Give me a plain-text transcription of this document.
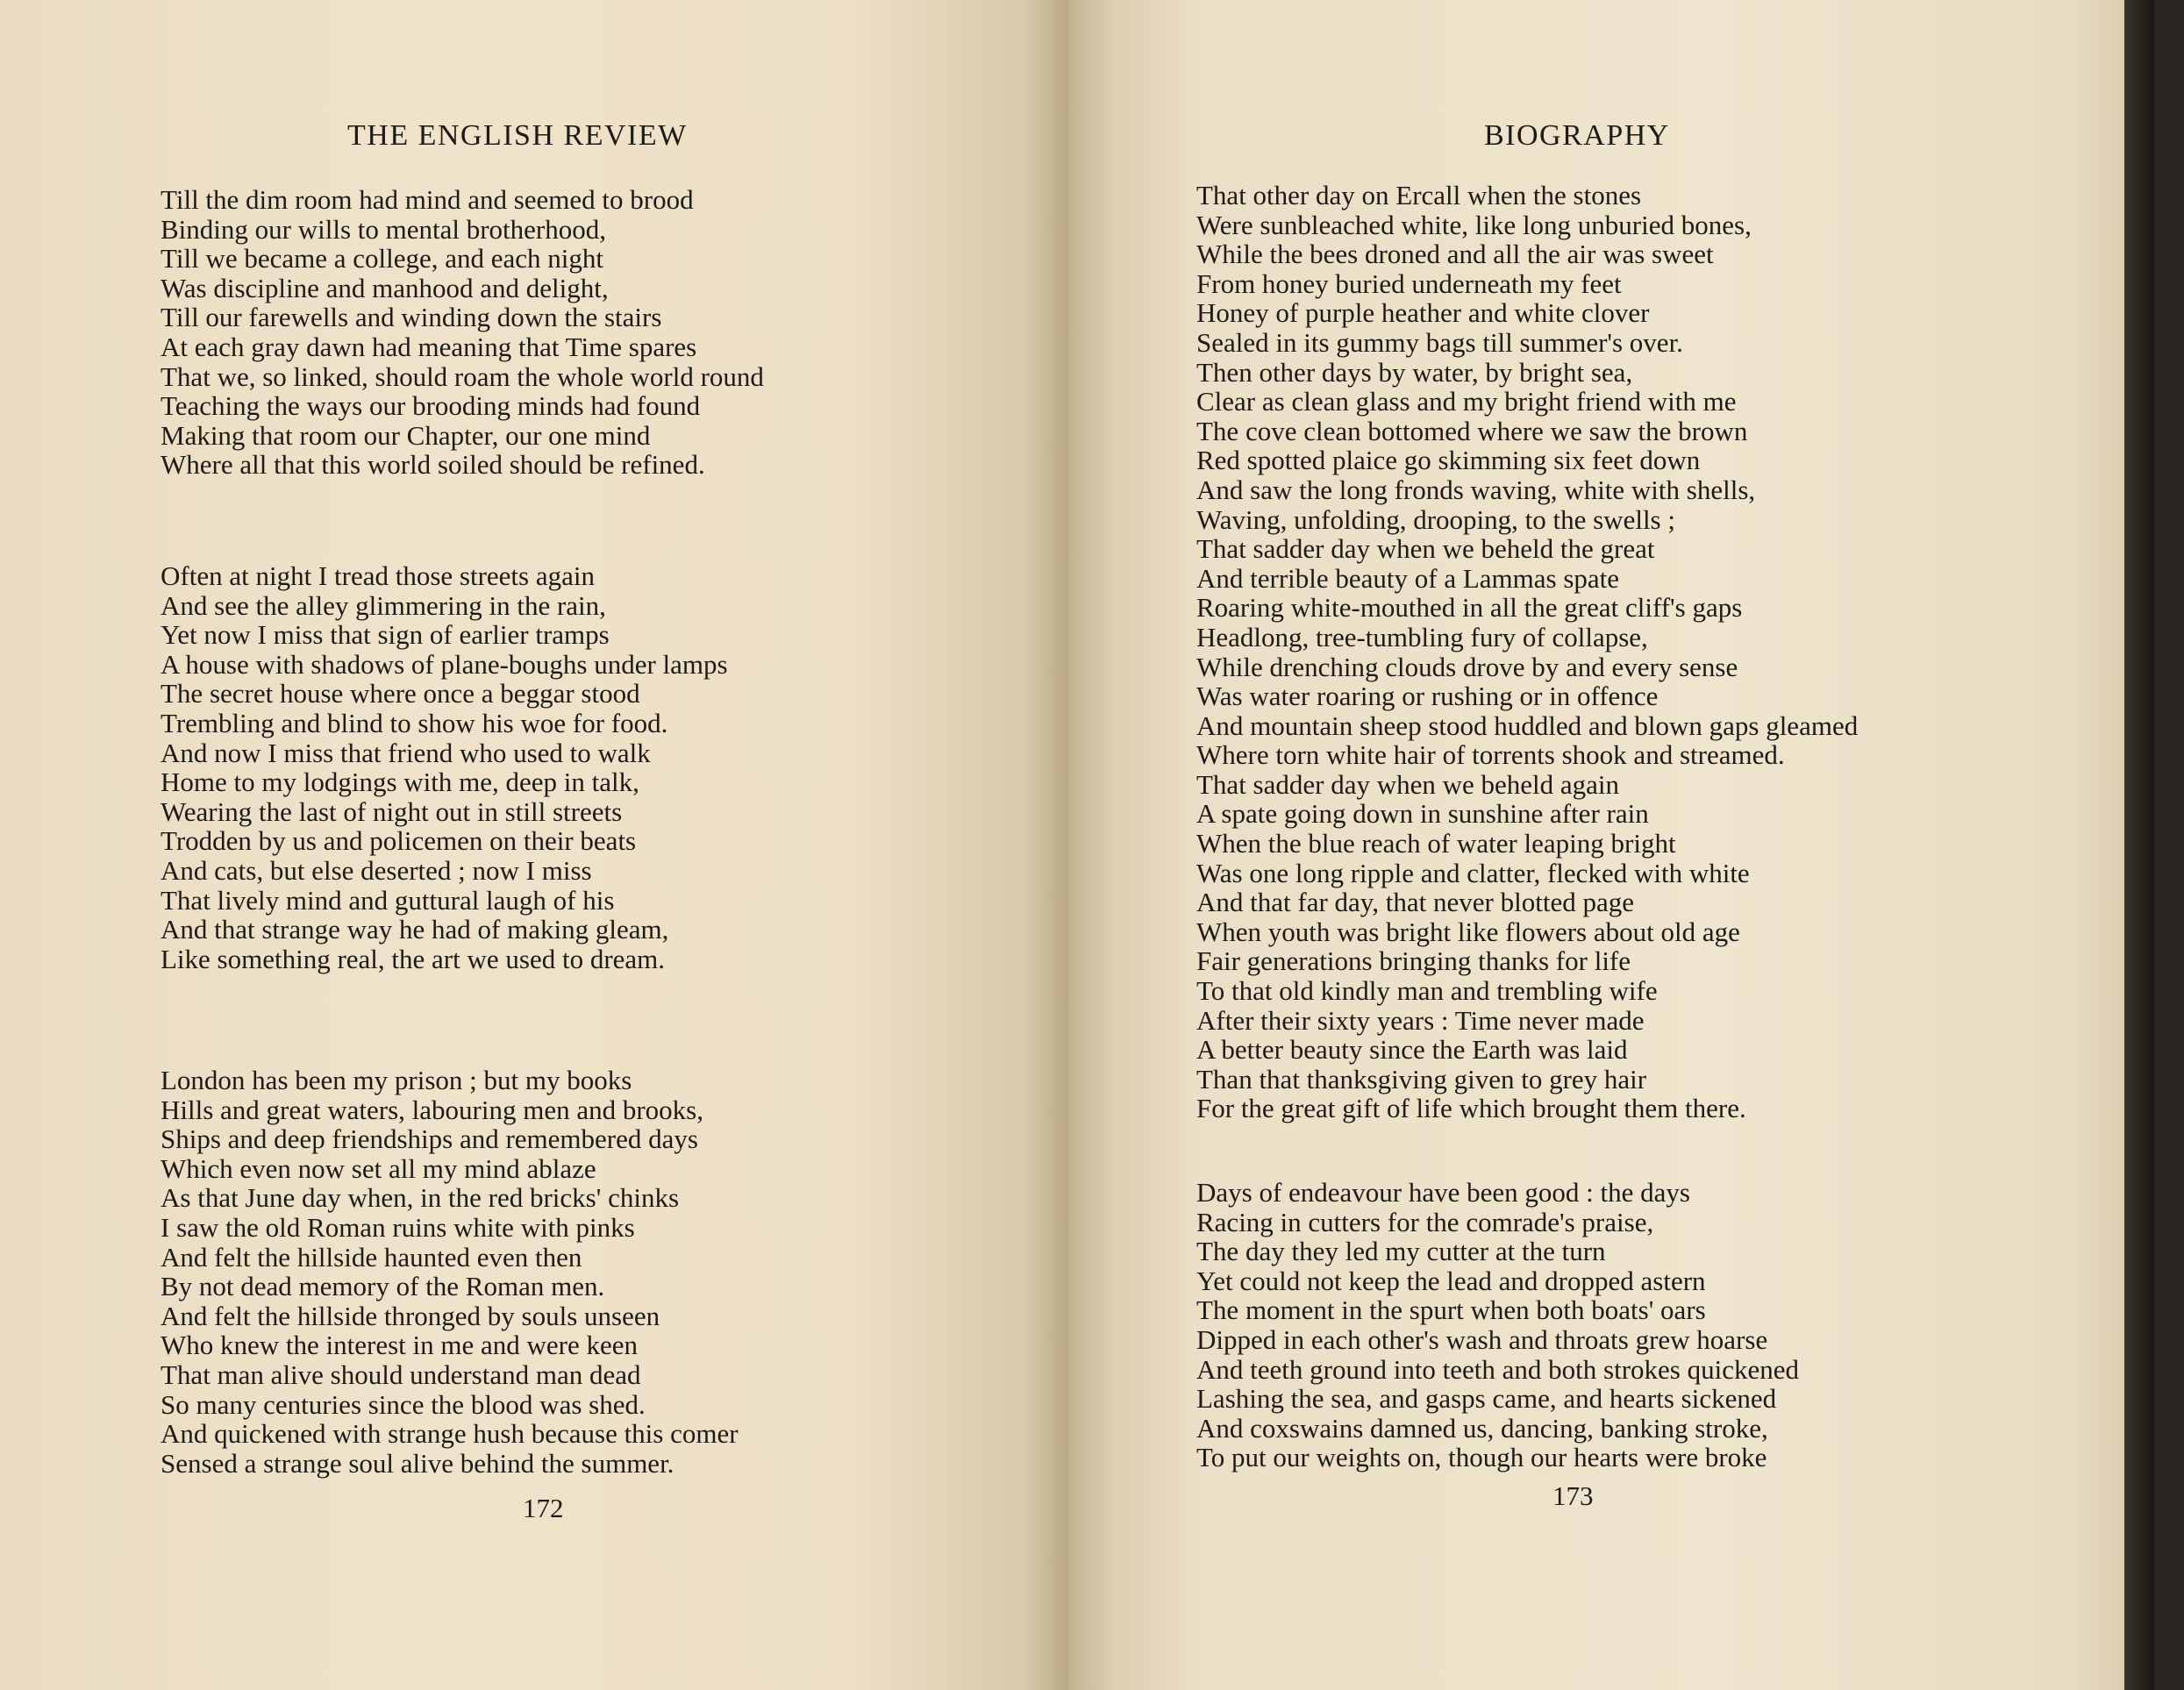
THE ENGLISH REVIEW
Till the dim room had mind and seemed to brood
Binding our wills to mental brotherhood,
Till we became a college, and each night
Was discipline and manhood and delight,
Till our farewells and winding down the stairs
At each gray dawn had meaning that Time spares
That we, so linked, should roam the whole world round
Teaching the ways our brooding minds had found
Making that room our Chapter, our one mind
Where all that this world soiled should be refined.
Often at night I tread those streets again
And see the alley glimmering in the rain,
Yet now I miss that sign of earlier tramps
A house with shadows of plane-boughs under lamps
The secret house where once a beggar stood
Trembling and blind to show his woe for food.
And now I miss that friend who used to walk
Home to my lodgings with me, deep in talk,
Wearing the last of night out in still streets
Trodden by us and policemen on their beats
And cats, but else deserted ; now I miss
That lively mind and guttural laugh of his
And that strange way he had of making gleam,
Like something real, the art we used to dream.
London has been my prison ; but my books
Hills and great waters, labouring men and brooks,
Ships and deep friendships and remembered days
Which even now set all my mind ablaze
As that June day when, in the red bricks' chinks
I saw the old Roman ruins white with pinks
And felt the hillside haunted even then
By not dead memory of the Roman men.
And felt the hillside thronged by souls unseen
Who knew the interest in me and were keen
That man alive should understand man dead
So many centuries since the blood was shed.
And quickened with strange hush because this comer
Sensed a strange soul alive behind the summer.
172
BIOGRAPHY
That other day on Ercall when the stones
Were sunbleached white, like long unburied bones,
While the bees droned and all the air was sweet
From honey buried underneath my feet
Honey of purple heather and white clover
Sealed in its gummy bags till summer's over.
Then other days by water, by bright sea,
Clear as clean glass and my bright friend with me
The cove clean bottomed where we saw the brown
Red spotted plaice go skimming six feet down
And saw the long fronds waving, white with shells,
Waving, unfolding, drooping, to the swells ;
That sadder day when we beheld the great
And terrible beauty of a Lammas spate
Roaring white-mouthed in all the great cliff's gaps
Headlong, tree-tumbling fury of collapse,
While drenching clouds drove by and every sense
Was water roaring or rushing or in offence
And mountain sheep stood huddled and blown gaps gleamed
Where torn white hair of torrents shook and streamed.
That sadder day when we beheld again
A spate going down in sunshine after rain
When the blue reach of water leaping bright
Was one long ripple and clatter, flecked with white
And that far day, that never blotted page
When youth was bright like flowers about old age
Fair generations bringing thanks for life
To that old kindly man and trembling wife
After their sixty years : Time never made
A better beauty since the Earth was laid
Than that thanksgiving given to grey hair
For the great gift of life which brought them there.
Days of endeavour have been good : the days
Racing in cutters for the comrade's praise,
The day they led my cutter at the turn
Yet could not keep the lead and dropped astern
The moment in the spurt when both boats' oars
Dipped in each other's wash and throats grew hoarse
And teeth ground into teeth and both strokes quickened
Lashing the sea, and gasps came, and hearts sickened
And coxswains damned us, dancing, banking stroke,
To put our weights on, though our hearts were broke
173
